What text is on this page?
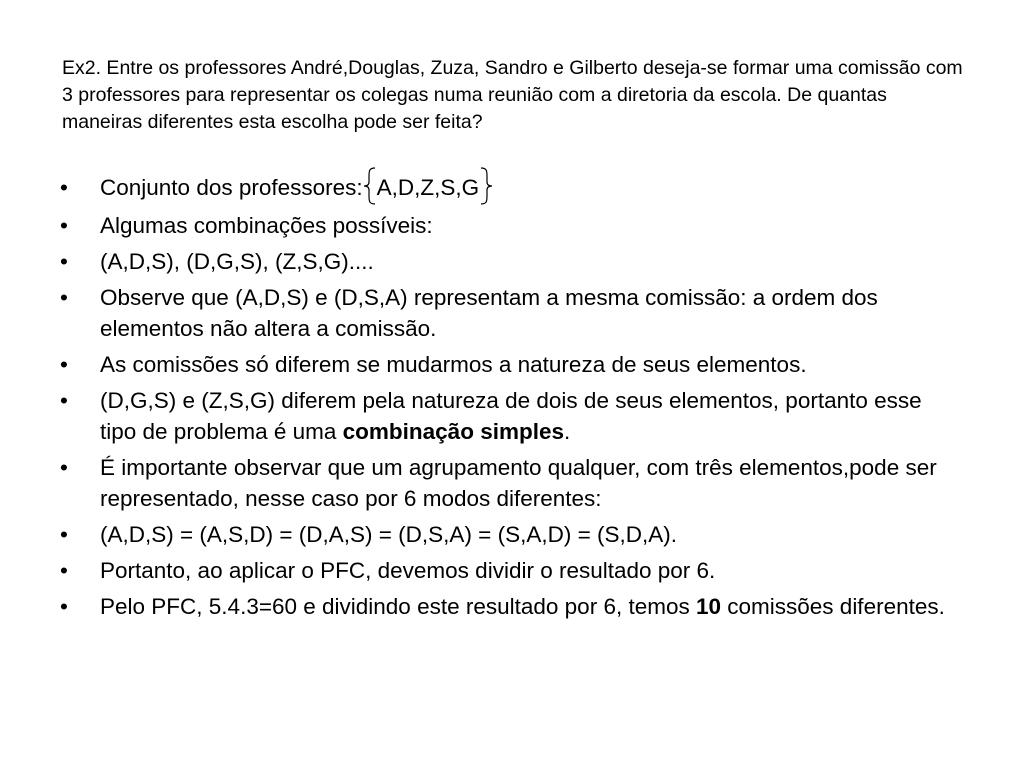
Ex2. Entre os professores André,Douglas, Zuza, Sandro e Gilberto deseja-se formar uma comissão com 3 professores para representar os colegas numa reunião com a diretoria da escola. De quantas maneiras diferentes esta escolha pode ser feita?

• Conjunto dos professores: A,D,Z,S,G
• Algumas combinações possíveis:
• (A,D,S), (D,G,S), (Z,S,G)....
• Observe que (A,D,S) e (D,S,A) representam a mesma comissão: a ordem dos elementos não altera a comissão.
• As comissões só diferem se mudarmos a natureza de seus elementos.
• (D,G,S) e (Z,S,G) diferem pela natureza de dois de seus elementos, portanto esse tipo de problema é uma combinação simples.
• É importante observar que um agrupamento qualquer, com três elementos,pode ser representado, nesse caso por 6 modos diferentes:
• (A,D,S) = (A,S,D) = (D,A,S) = (D,S,A) = (S,A,D) = (S,D,A).
• Portanto, ao aplicar o PFC, devemos dividir o resultado por 6.
• Pelo PFC, 5.4.3=60 e dividindo este resultado por 6, temos 10 comissões diferentes.
